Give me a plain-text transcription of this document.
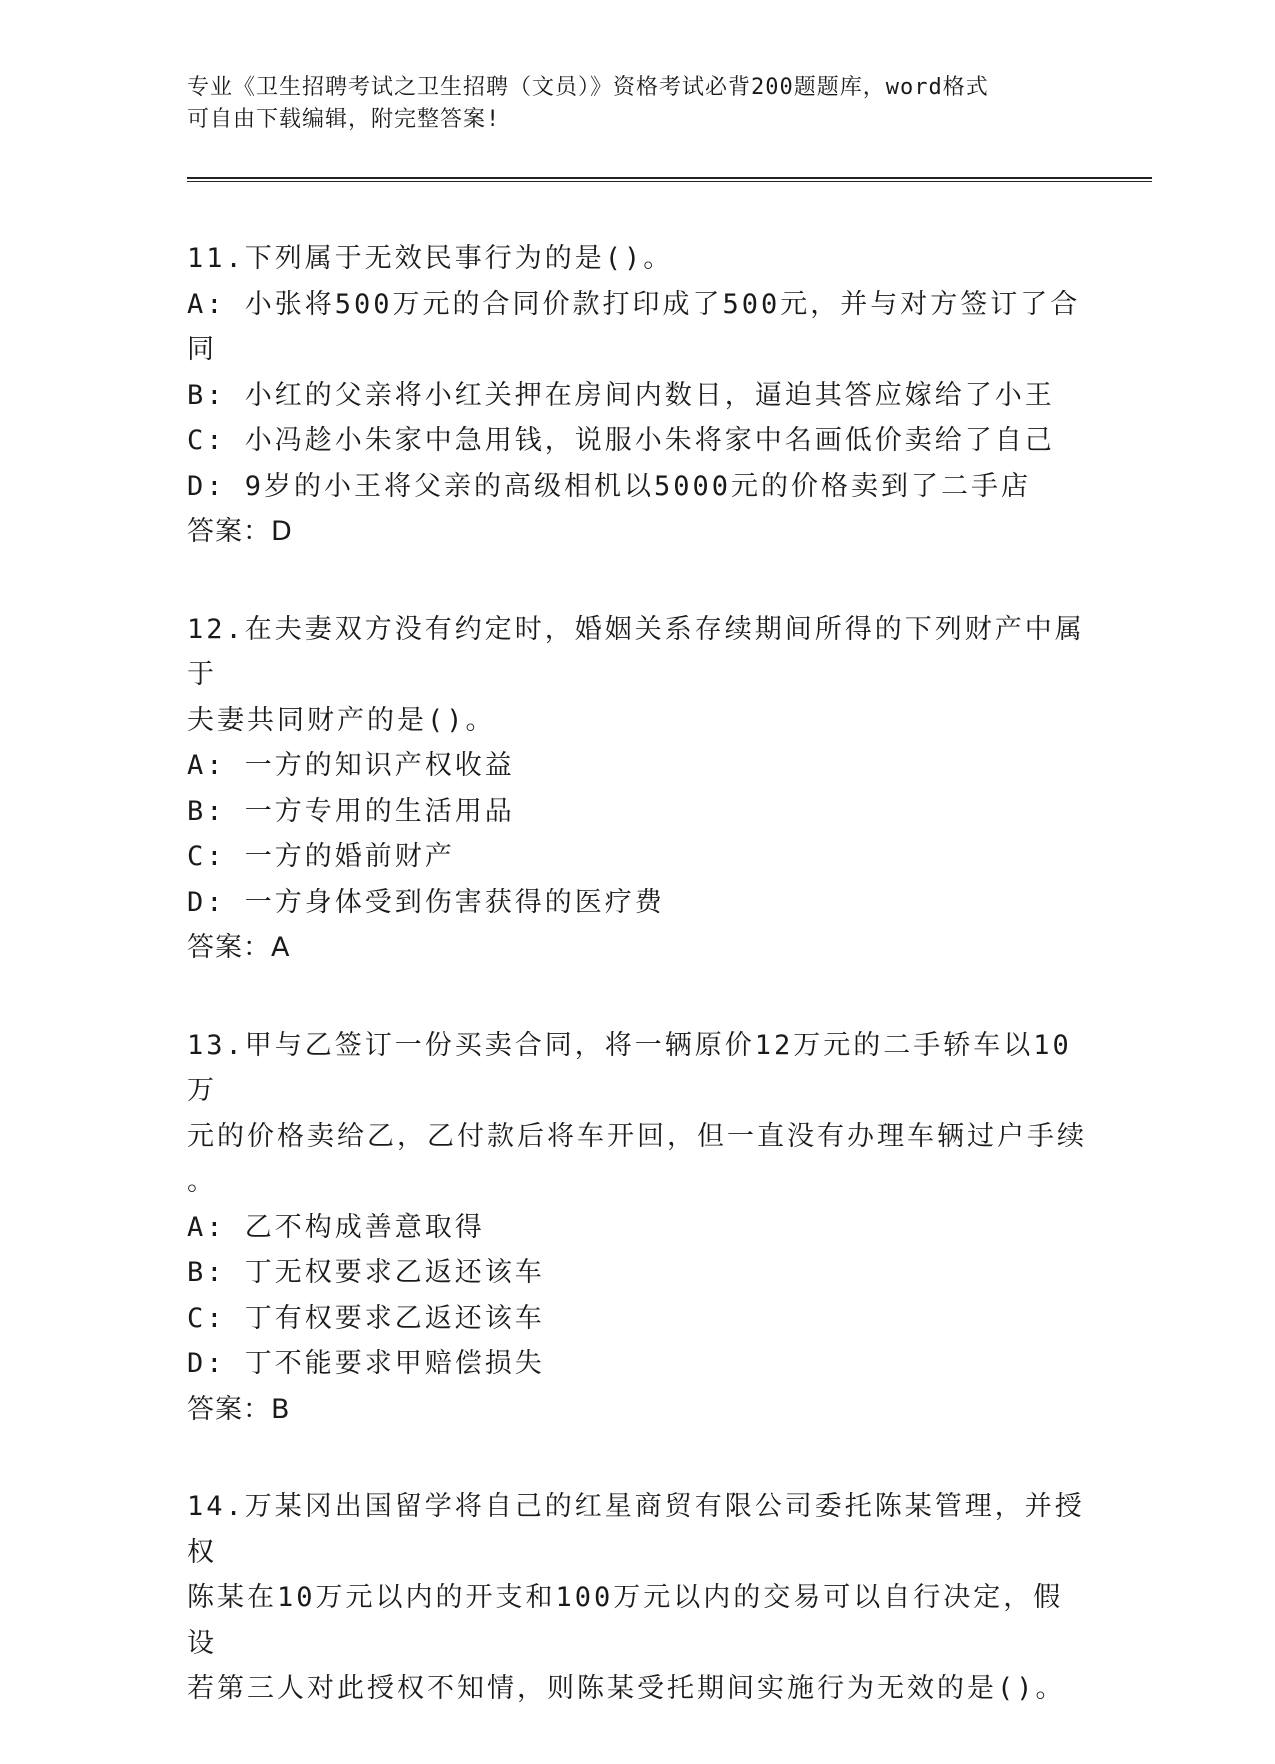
专业《卫生招聘考试之卫生招聘（文员）》资格考试必背200题题库，word格式
可自由下载编辑，附完整答案!
11.下列属于无效民事行为的是()。
A: 小张将500万元的合同价款打印成了500元，并与对方签订了合同
B: 小红的父亲将小红关押在房间内数日，逼迫其答应嫁给了小王
C: 小冯趁小朱家中急用钱，说服小朱将家中名画低价卖给了自己
D: 9岁的小王将父亲的高级相机以5000元的价格卖到了二手店
答案：D
12.在夫妻双方没有约定时，婚姻关系存续期间所得的下列财产中属于
夫妻共同财产的是()。
A: 一方的知识产权收益
B: 一方专用的生活用品
C: 一方的婚前财产
D: 一方身体受到伤害获得的医疗费
答案：A
13.甲与乙签订一份买卖合同，将一辆原价12万元的二手轿车以10万
元的价格卖给乙，乙付款后将车开回，但一直没有办理车辆过户手续
。
A: 乙不构成善意取得
B: 丁无权要求乙返还该车
C: 丁有权要求乙返还该车
D: 丁不能要求甲赔偿损失
答案：B
14.万某冈出国留学将自己的红星商贸有限公司委托陈某管理，并授权
陈某在10万元以内的开支和100万元以内的交易可以自行决定，假设
若第三人对此授权不知情，则陈某受托期间实施行为无效的是()。
